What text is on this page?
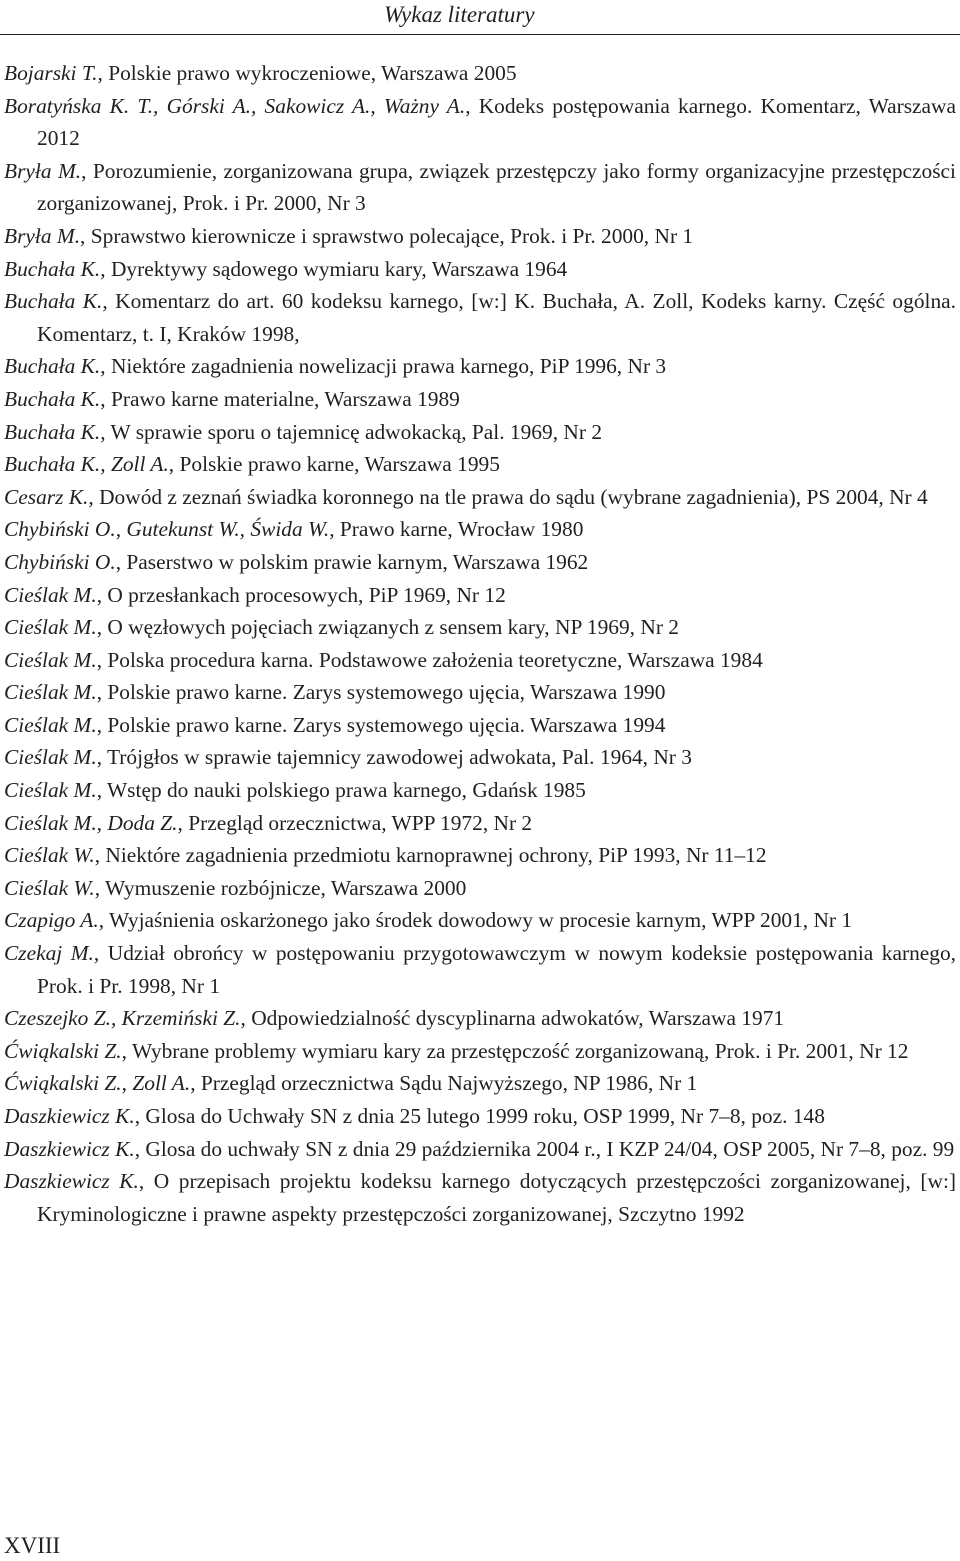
Wykaz literatury
Bojarski T., Polskie prawo wykroczeniowe, Warszawa 2005
Boratyńska K. T., Górski A., Sakowicz A., Ważny A., Kodeks postępowania karnego. Komentarz, Warszawa 2012
Bryła M., Porozumienie, zorganizowana grupa, związek przestępczy jako formy organizacyjne przestępczości zorganizowanej, Prok. i Pr. 2000, Nr 3
Bryła M., Sprawstwo kierownicze i sprawstwo polecające, Prok. i Pr. 2000, Nr 1
Buchała K., Dyrektywy sądowego wymiaru kary, Warszawa 1964
Buchała K., Komentarz do art. 60 kodeksu karnego, [w:] K. Buchała, A. Zoll, Kodeks karny. Część ogólna. Komentarz, t. I, Kraków 1998,
Buchała K., Niektóre zagadnienia nowelizacji prawa karnego, PiP 1996, Nr 3
Buchała K., Prawo karne materialne, Warszawa 1989
Buchała K., W sprawie sporu o tajemnicę adwokacką, Pal. 1969, Nr 2
Buchała K., Zoll A., Polskie prawo karne, Warszawa 1995
Cesarz K., Dowód z zeznań świadka koronnego na tle prawa do sądu (wybrane zagadnienia), PS 2004, Nr 4
Chybiński O., Gutekunst W., Świda W., Prawo karne, Wrocław 1980
Chybiński O., Paserstwo w polskim prawie karnym, Warszawa 1962
Cieślak M., O przesłankach procesowych, PiP 1969, Nr 12
Cieślak M., O węzłowych pojęciach związanych z sensem kary, NP 1969, Nr 2
Cieślak M., Polska procedura karna. Podstawowe założenia teoretyczne, Warszawa 1984
Cieślak M., Polskie prawo karne. Zarys systemowego ujęcia, Warszawa 1990
Cieślak M., Polskie prawo karne. Zarys systemowego ujęcia. Warszawa 1994
Cieślak M., Trójgłos w sprawie tajemnicy zawodowej adwokata, Pal. 1964, Nr 3
Cieślak M., Wstęp do nauki polskiego prawa karnego, Gdańsk 1985
Cieślak M., Doda Z., Przegląd orzecznictwa, WPP 1972, Nr 2
Cieślak W., Niektóre zagadnienia przedmiotu karnoprawnej ochrony, PiP 1993, Nr 11–12
Cieślak W., Wymuszenie rozbójnicze, Warszawa 2000
Czapigo A., Wyjaśnienia oskarżonego jako środek dowodowy w procesie karnym, WPP 2001, Nr 1
Czekaj M., Udział obrońcy w postępowaniu przygotowawczym w nowym kodeksie postępowania karnego, Prok. i Pr. 1998, Nr 1
Czeszejko Z., Krzemiński Z., Odpowiedzialność dyscyplinarna adwokatów, Warszawa 1971
Ćwiąkalski Z., Wybrane problemy wymiaru kary za przestępczość zorganizowaną, Prok. i Pr. 2001, Nr 12
Ćwiąkalski Z., Zoll A., Przegląd orzecznictwa Sądu Najwyższego, NP 1986, Nr 1
Daszkiewicz K., Glosa do Uchwały SN z dnia 25 lutego 1999 roku, OSP 1999, Nr 7–8, poz. 148
Daszkiewicz K., Glosa do uchwały SN z dnia 29 października 2004 r., I KZP 24/04, OSP 2005, Nr 7–8, poz. 99
Daszkiewicz K., O przepisach projektu kodeksu karnego dotyczących przestępczości zorganizowanej, [w:] Kryminologiczne i prawne aspekty przestępczości zorganizowanej, Szczytno 1992
XVIII
